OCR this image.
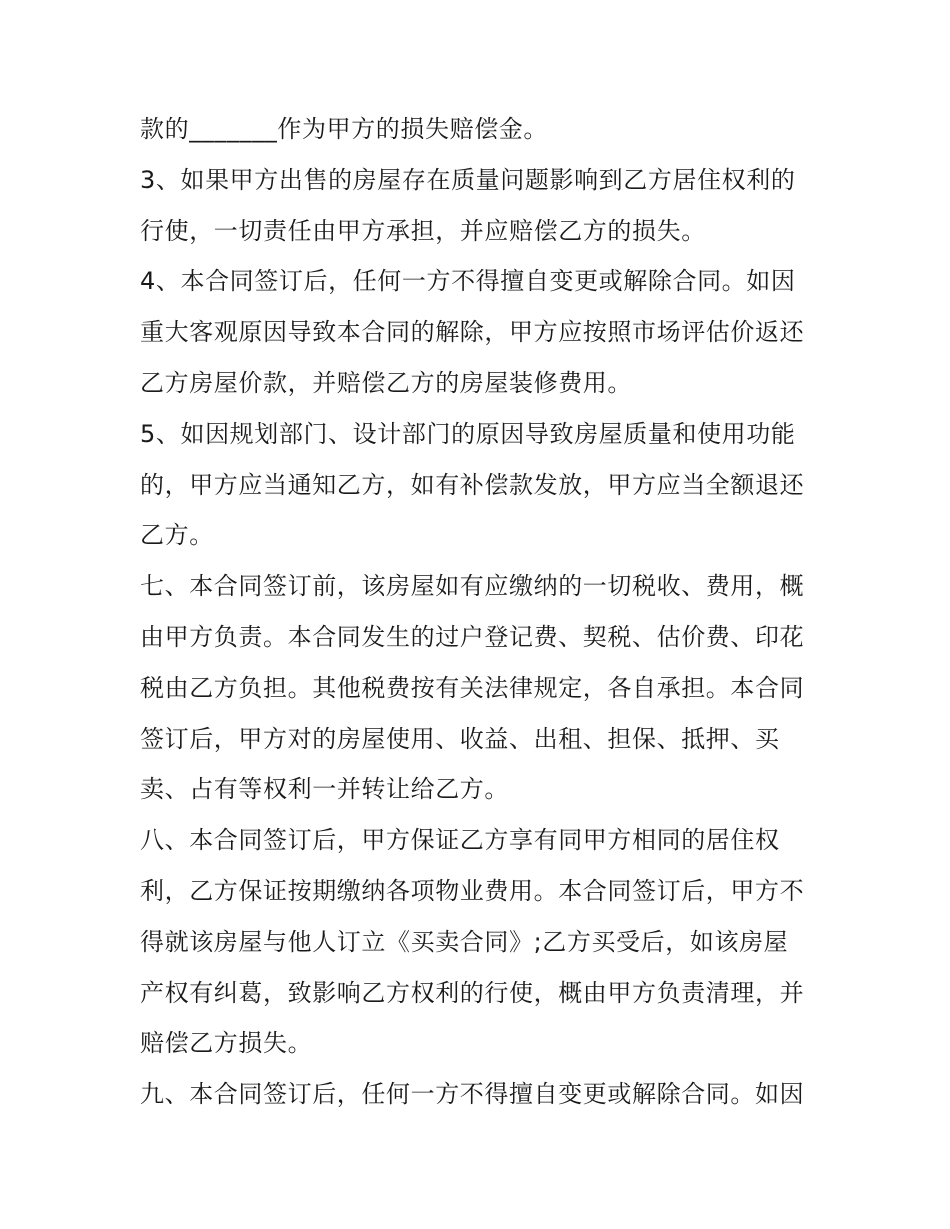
款的_______作为甲方的损失赔偿金。
3、如果甲方出售的房屋存在质量问题影响到乙方居住权利的
行使，一切责任由甲方承担，并应赔偿乙方的损失。
4、本合同签订后，任何一方不得擅自变更或解除合同。如因
重大客观原因导致本合同的解除，甲方应按照市场评估价返还
乙方房屋价款，并赔偿乙方的房屋装修费用。
5、如因规划部门、设计部门的原因导致房屋质量和使用功能
的，甲方应当通知乙方，如有补偿款发放，甲方应当全额退还
乙方。
七、本合同签订前，该房屋如有应缴纳的一切税收、费用，概
由甲方负责。本合同发生的过户登记费、契税、估价费、印花
税由乙方负担。其他税费按有关法律规定，各自承担。本合同
签订后，甲方对的房屋使用、收益、出租、担保、抵押、买
卖、占有等权利一并转让给乙方。
八、本合同签订后，甲方保证乙方享有同甲方相同的居住权
利，乙方保证按期缴纳各项物业费用。本合同签订后，甲方不
得就该房屋与他人订立《买卖合同》;乙方买受后，如该房屋
产权有纠葛，致影响乙方权利的行使，概由甲方负责清理，并
赔偿乙方损失。
九、本合同签订后，任何一方不得擅自变更或解除合同。如因
